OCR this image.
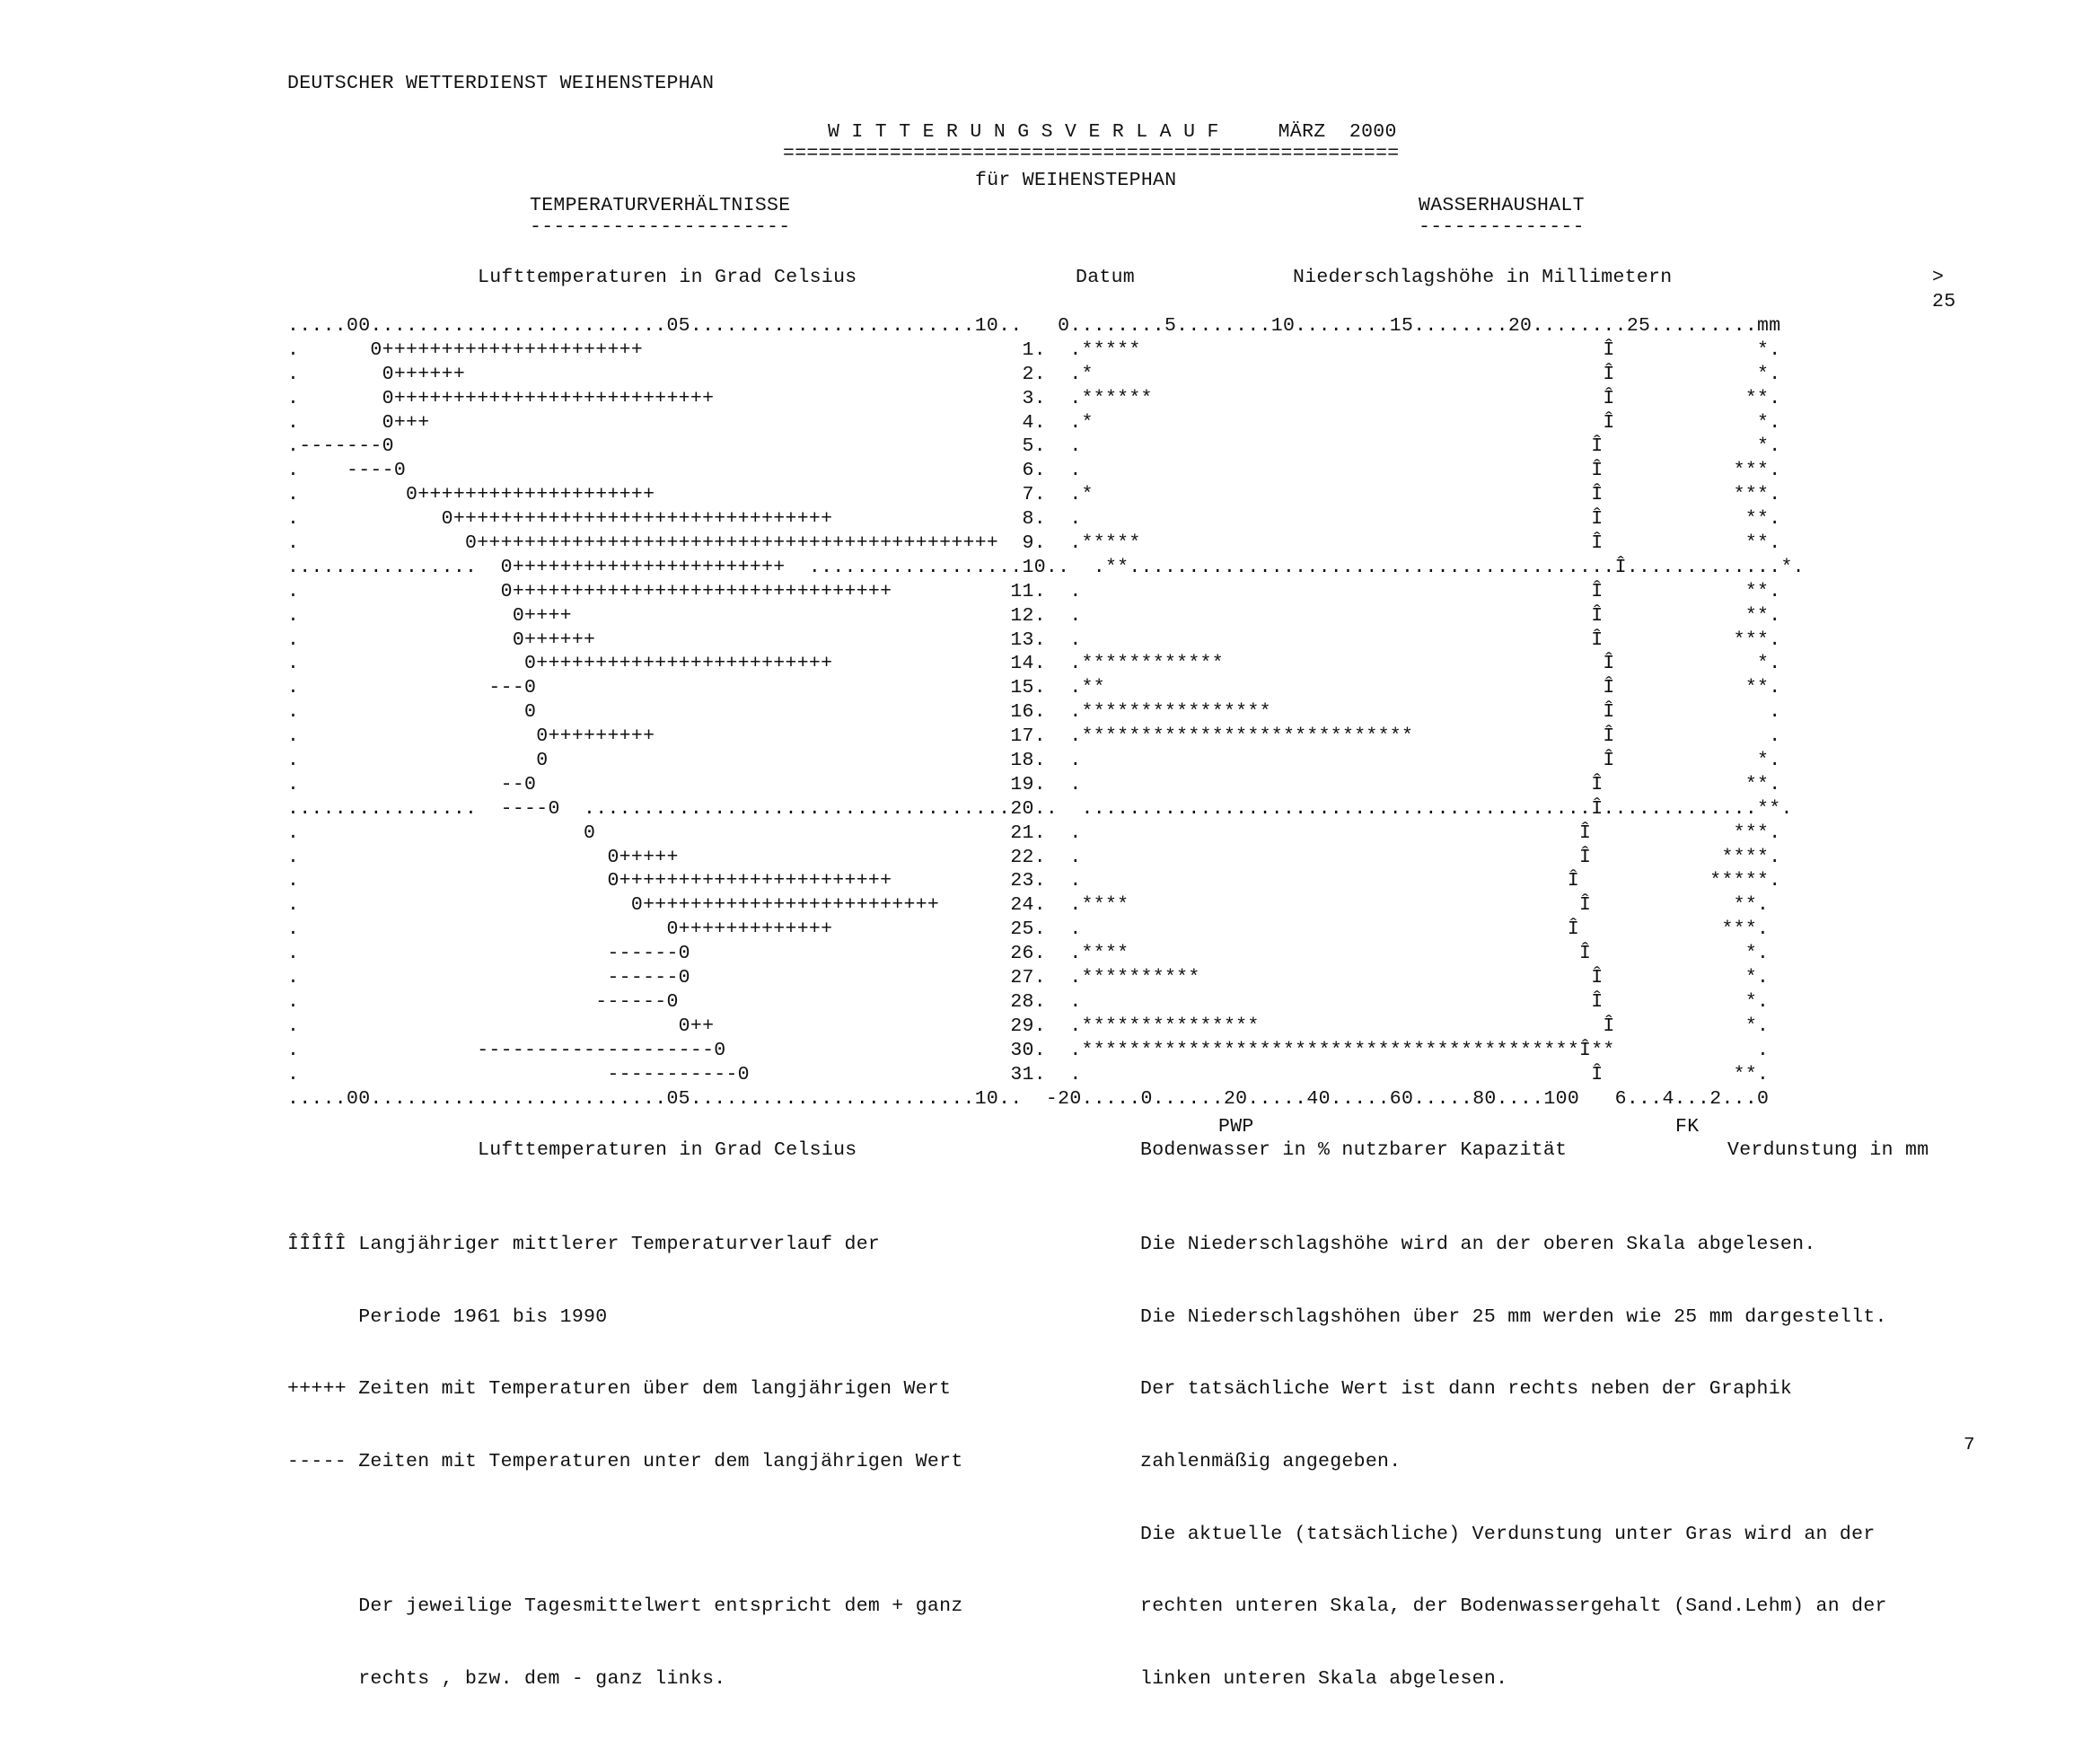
DEUTSCHER WETTERDIENST WEIHENSTEPHAN
W I T T E R U N G S V E R L A U F     MÄRZ  2000
====================================================
für WEIHENSTEPHAN
TEMPERATURVERHÄLTNISSE
----------------------
WASSERHAUSHALT
--------------
Lufttemperaturen in Grad Celsius	Datum	Niederschlagshöhe in Millimetern	>
25
.....00.........................05........................10..   0........5........10........15........20........25.........mm
.      0++++++++++++++++++++++                                1.  .*****                                       Î            *.
.       0++++++                                               2.  .*                                           Î            *.
.       0+++++++++++++++++++++++++++                          3.  .******                                      Î           **.
.       0+++                                                  4.  .*                                           Î            *.
.-------0                                                     5.  .                                           Î             *.
.    ----0                                                    6.  .                                           Î           ***.
.         0++++++++++++++++++++                               7.  .*                                          Î           ***.
.            0++++++++++++++++++++++++++++++++                8.  .                                           Î            **.
.              0++++++++++++++++++++++++++++++++++++++++++++  9.  .*****                                      Î            **.
................  0+++++++++++++++++++++++  ..................10..  .**.........................................Î.............*.
.                 0++++++++++++++++++++++++++++++++          11.  .                                           Î            **.
.                  0++++                                     12.  .                                           Î            **.
.                  0++++++                                   13.  .                                           Î           ***.
.                   0+++++++++++++++++++++++++               14.  .************                                Î            *.
.                ---0                                        15.  .**                                          Î           **.
.                   0                                        16.  .****************                            Î             .
.                    0+++++++++                              17.  .****************************                Î             .
.                    0                                       18.  .                                            Î            *.
.                 --0                                        19.  .                                           Î            **.
................  ----0  ....................................20..  ...........................................Î.............**.
.                        0                                   21.  .                                          Î            ***.
.                          0+++++                            22.  .                                          Î           ****.
.                          0+++++++++++++++++++++++          23.  .                                         Î           *****.
.                            0+++++++++++++++++++++++++      24.  .****                                      Î            **.
.                               0+++++++++++++               25.  .                                         Î            ***.
.                          ------0                           26.  .****                                      Î             *.
.                          ------0                           27.  .**********                                 Î            *.
.                         ------0                            28.  .                                           Î            *.
.                                0++                         29.  .***************                             Î           *.
.               --------------------0                        30.  .******************************************Î**            .
.                          -----------0                      31.  .                                           Î           **.
.....00.........................05........................10..  -20.....0......20.....40.....60.....80....100   6...4...2...0
PWP	FK
Lufttemperaturen in Grad Celsius	Bodenwasser in % nutzbarer Kapazität	Verdunstung in mm

ÎÎÎÎÎ Langjähriger mittlerer Temperaturverlauf der

Periode 1961 bis 1990

+++++ Zeiten mit Temperaturen über dem langjährigen Wert

----- Zeiten mit Temperaturen unter dem langjährigen Wert

Der jeweilige Tagesmittelwert entspricht dem + ganz

rechts , bzw. dem - ganz links.

Die Niederschlagshöhe wird an der oberen Skala abgelesen.

Die Niederschlagshöhen über 25 mm werden wie 25 mm dargestellt.

Der tatsächliche Wert ist dann rechts neben der Graphik

zahlenmäßig angegeben.

Die aktuelle (tatsächliche) Verdunstung unter Gras wird an der

rechten unteren Skala, der Bodenwassergehalt (Sand.Lehm) an der

linken unteren Skala abgelesen.

7
